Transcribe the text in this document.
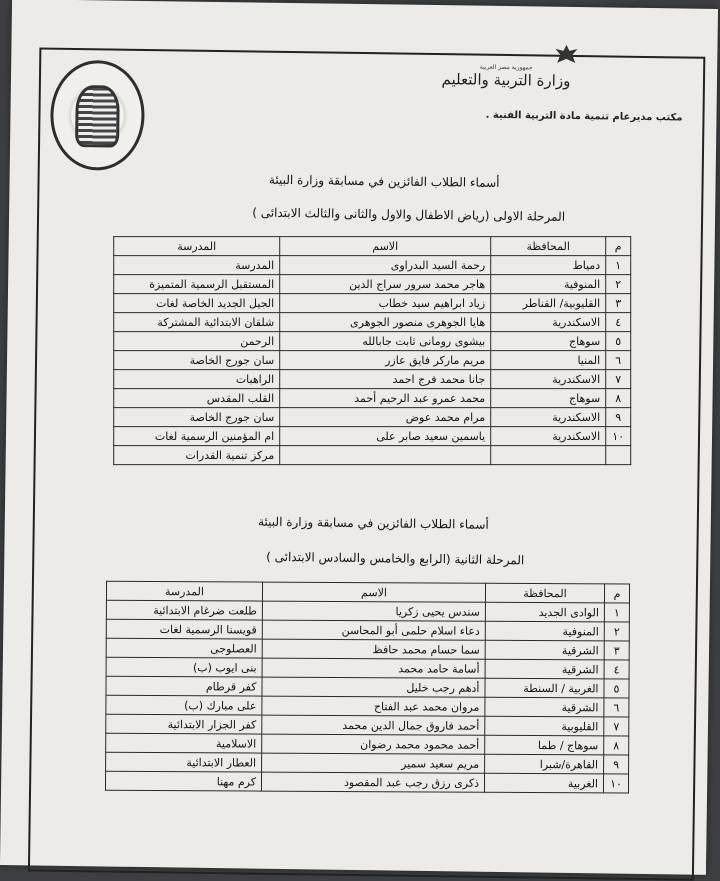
جمهورية مصر العربية
وزارة التربية والتعليم
مكتب مديرعام تنمية مادة التربية الفنية .
أسماء الطلاب الفائزين في مسابقة وزارة البيئة
المرحلة الاولى (رياض الاطفال والاول والثانى والثالث الابتدائى )
م	المحافظة	الاسم	المدرسة
١	دمياط	رحمة السيد البدراوى	المدرسة
٢	المنوفية	هاجر محمد سرور سراج الدين	المستقبل الرسمية المتميزة
٣	القليوبية/ القناطر	زياد ابراهيم سيد خطاب	الجيل الجديد الخاصة لغات
٤	الاسكندرية	هايا الجوهرى منصور الجوهرى	شلقان الابتدائية المشتركة
٥	سوهاج	بيشوى رومانى ثابت جابالله	الرحمن
٦	المنيا	مريم ماركر فايق عازر	سان جورج الخاصة
٧	الاسكندرية	جانا محمد فرج احمد	الراهبات
٨	سوهاج	محمد عمرو عبد الرحيم أحمد	القلب المقدس
٩	الاسكندرية	مرام محمد عوض	سان جورج الخاصة
١٠	الاسكندرية	ياسمين سعيد صابر على	ام المؤمنين الرسمية لغات
			مركز تنمية القدرات
أسماء الطلاب الفائزين في مسابقة وزارة البيئة
المرحلة الثانية (الرابع والخامس والسادس الابتدائى )
م	المحافظة	الاسم	المدرسة
١	الوادى الجديد	سندس يحيى زكريا	طلعت ضرغام الابتدائية
٢	المنوفية	دعاء اسلام حلمى أبو المحاسن	قويسنا الرسمية لغات
٣	الشرقية	سما حسام محمد حافظ	العصلوجى
٤	الشرقية	أسامة حامد محمد	بنى ايوب (ب)
٥	الغربية / السنطة	أدهم رجب خليل	كفر قرطام
٦	الشرقية	مروان محمد عبد الفتاح	على مبارك (ب)
٧	القليوبية	أحمد فاروق جمال الدين محمد	كفر الجزار الابتدائية
٨	سوهاج / طما	أحمد محمود محمد رضوان	الاسلامية
٩	القاهرة/شبرا	مريم سعيد سمير	العطار الابتدائية
١٠	الغربية	ذكرى رزق رجب عبد المقصود	كرم مهنا
